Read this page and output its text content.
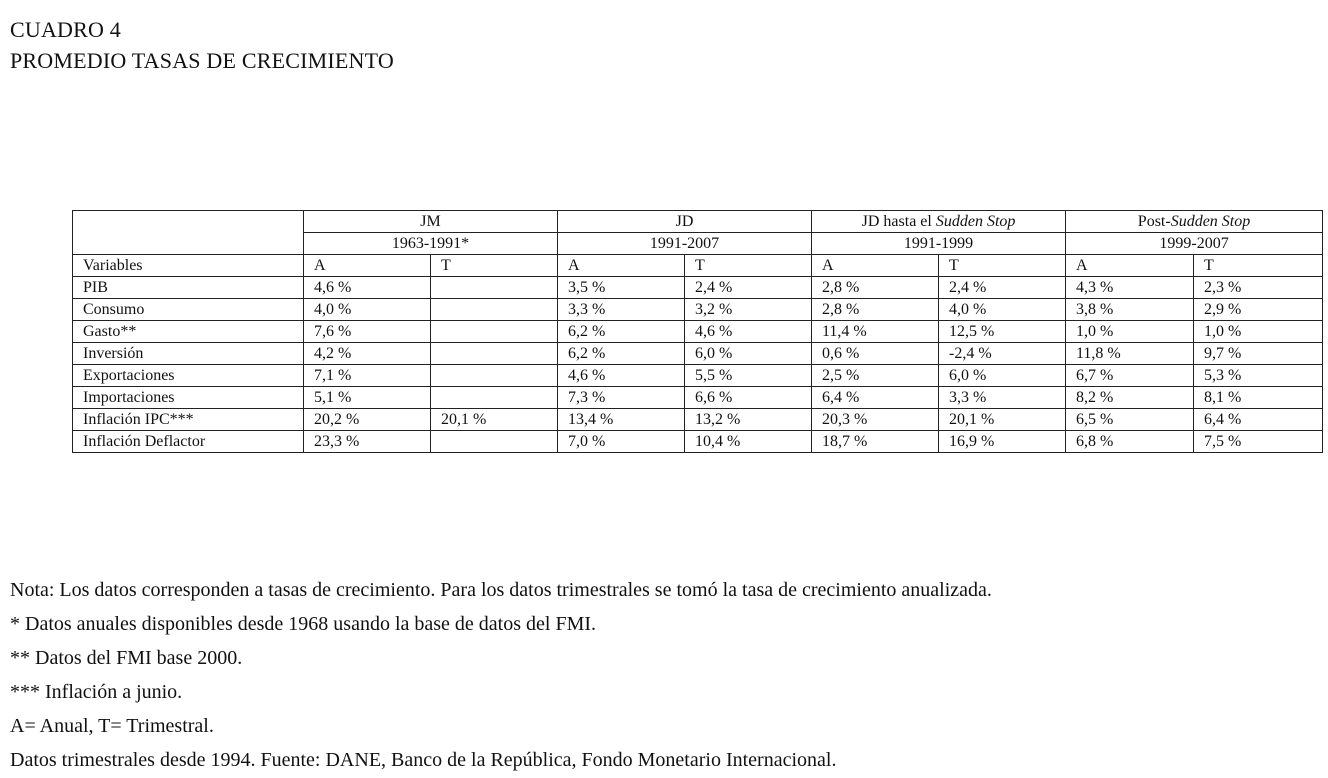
CUADRO 4
PROMEDIO TASAS DE CRECIMIENTO
	JM		JD		JD hasta el Sudden Stop		Post-Sudden Stop	
	1963-1991*		1991-2007		1991-1999		1999-2007	
Variables	A	T	A	T	A	T	A	T
PIB	4,6 %		3,5 %	2,4 %	2,8 %	2,4 %	4,3 %	2,3 %
Consumo	4,0 %		3,3 %	3,2 %	2,8 %	4,0 %	3,8 %	2,9 %
Gasto**	7,6 %		6,2 %	4,6 %	11,4 %	12,5 %	1,0 %	1,0 %
Inversión	4,2 %		6,2 %	6,0 %	0,6 %	-2,4 %	11,8 %	9,7 %
Exportaciones	7,1 %		4,6 %	5,5 %	2,5 %	6,0 %	6,7 %	5,3 %
Importaciones	5,1 %		7,3 %	6,6 %	6,4 %	3,3 %	8,2 %	8,1 %
Inflación IPC***	20,2 %	20,1 %	13,4 %	13,2 %	20,3 %	20,1 %	6,5 %	6,4 %
Inflación Deflactor	23,3 %		7,0 %	10,4 %	18,7 %	16,9 %	6,8 %	7,5 %
Nota: Los datos corresponden a tasas de crecimiento. Para los datos trimestrales se tomó la tasa de crecimiento anualizada.
* Datos anuales disponibles desde 1968 usando la base de datos del FMI.
** Datos del FMI base 2000.
*** Inflación a junio.
A= Anual, T= Trimestral.
Datos trimestrales desde 1994. Fuente: DANE, Banco de la República, Fondo Monetario Internacional.
